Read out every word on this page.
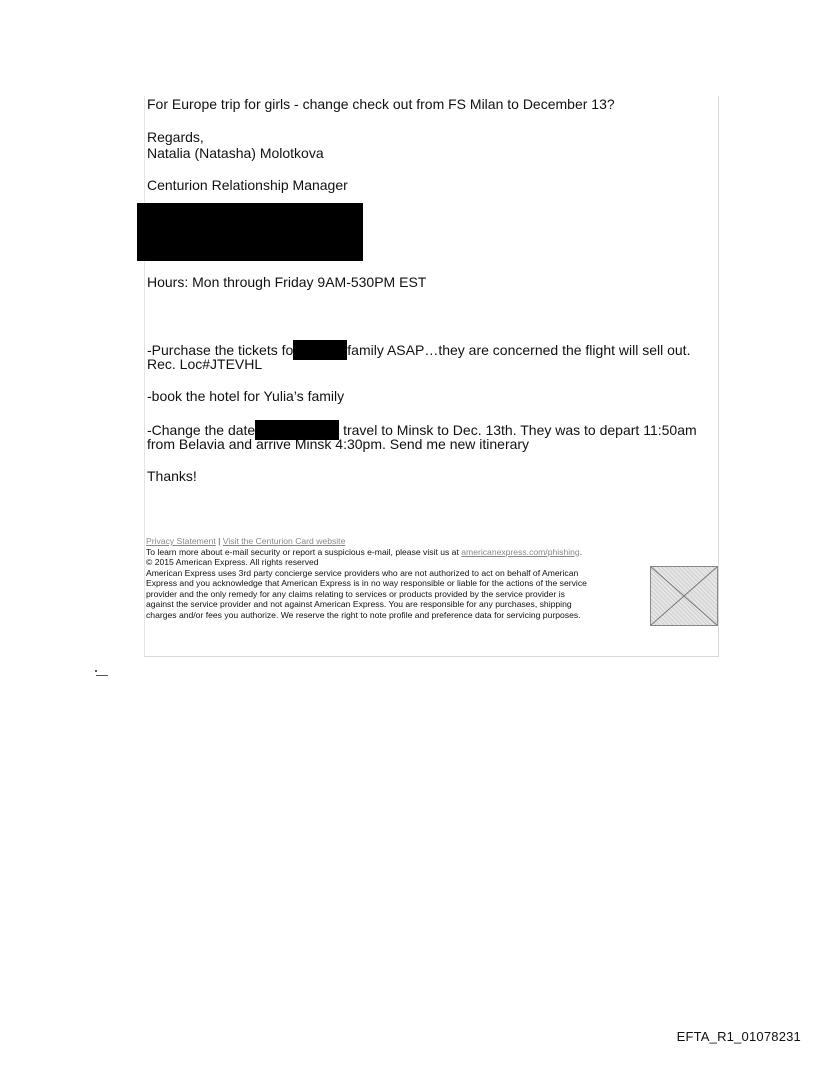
For Europe trip for girls - change check out from FS Milan to December 13?
Regards,
Natalia (Natasha) Molotkova
Centurion Relationship Manager
Hours: Mon through Friday 9AM-530PM EST
-Purchase the tickets fo	family ASAP…they are concerned the flight will sell out.
Rec. Loc#JTEVHL
-book the hotel for Yulia’s family
-Change the date	travel to Minsk to Dec. 13th. They was to depart 11:50am
from Belavia and arrive Minsk 4:30pm. Send me new itinerary
Thanks!

Privacy Statement | Visit the Centurion Card website

To learn more about e-mail security or report a suspicious e-mail, please visit us at americanexpress.com/phishing.

© 2015 American Express. All rights reserved

American Express uses 3rd party concierge service providers who are not authorized to act on behalf of American

Express and you acknowledge that American Express is in no way responsible or liable for the actions of the service

provider and the only remedy for any claims relating to services or products provided by the service provider is

against the service provider and not against American Express. You are responsible for any purchases, shipping

charges and/or fees you authorize. We reserve the right to note profile and preference data for servicing purposes.

EFTA_R1_01078231
